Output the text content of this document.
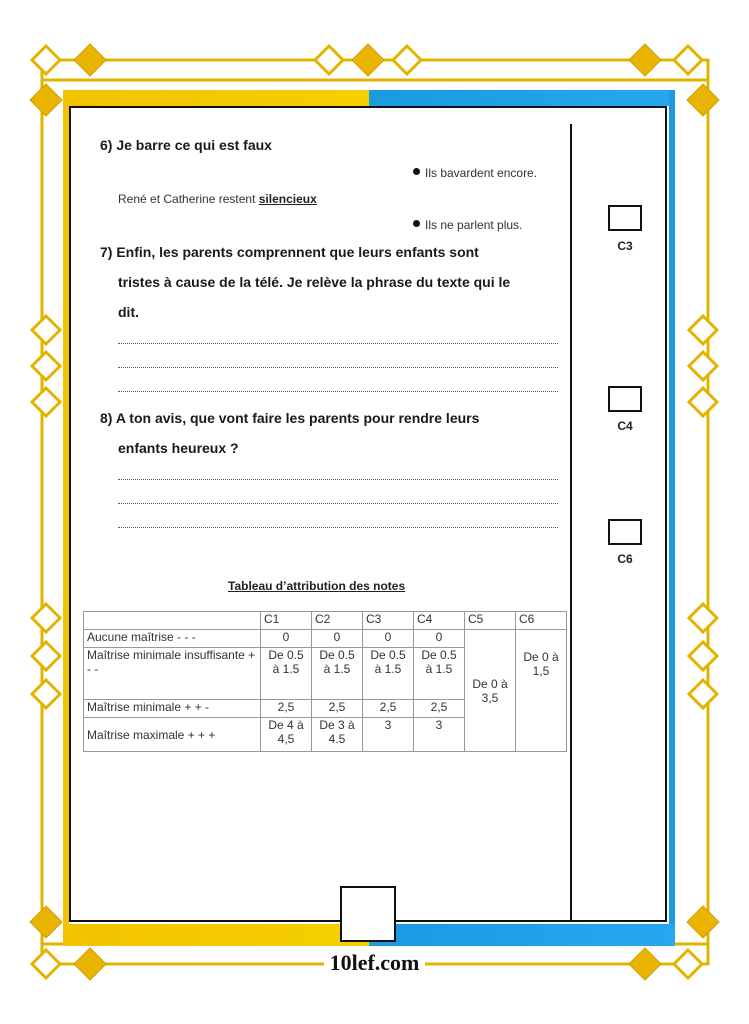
6) Je barre ce qui est faux
Ils bavardent encore.
René et Catherine restent silencieux
Ils ne parlent plus.
7) Enfin, les parents comprennent que leurs enfants sont
tristes à cause de la télé. Je relève la phrase du texte qui le
dit.
8) A ton avis, que vont faire les parents pour rendre leurs
enfants heureux ?
C3
C4
C6
Tableau d’attribution des notes
	C1	C2	C3	C4	C5	C6
Aucune maîtrise - - -	0	0	0	0	De 0 à 3,5	De 0 à 1,5
Maîtrise minimale insuffisante + - -	De 0.5 à 1.5	De 0.5 à 1.5	De 0.5 à 1.5	De 0.5 à 1.5		
Maîtrise minimale + + -	2,5	2,5	2,5	2,5		
Maîtrise maximale + + +	De 4 à 4,5	De 3 à 4.5	3	3		
10lef.com
